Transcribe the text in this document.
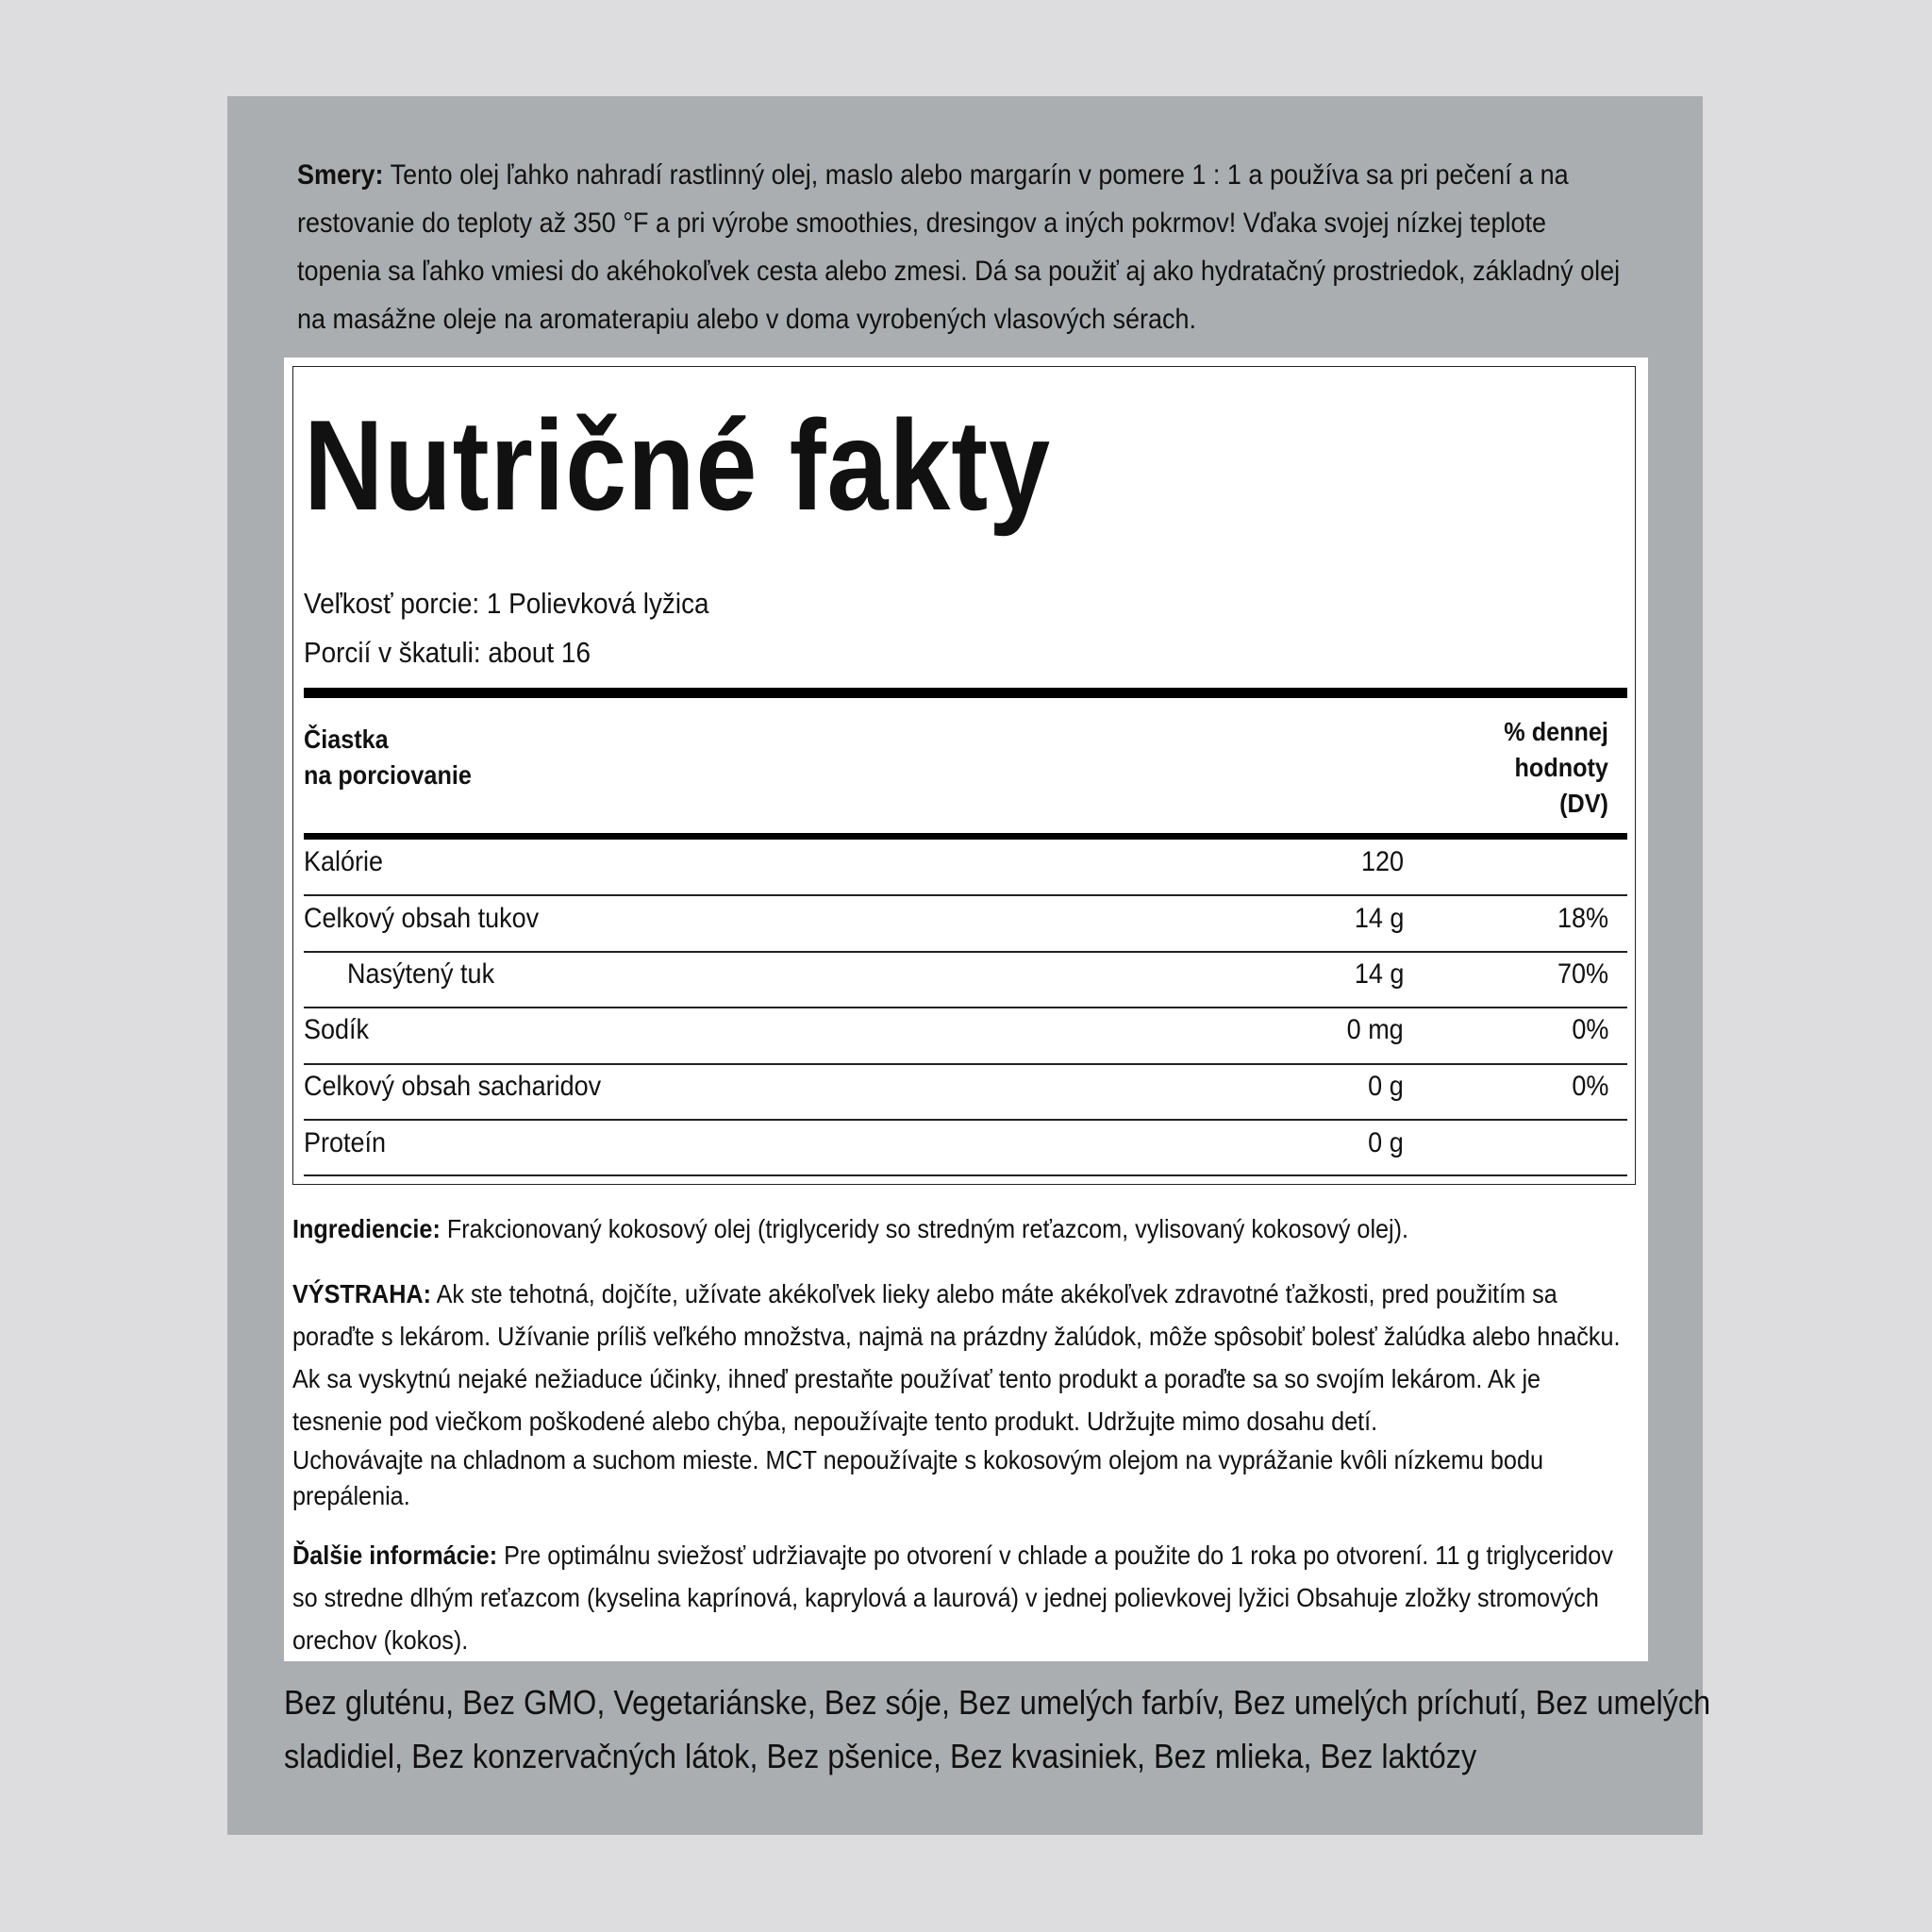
Smery: Tento olej ľahko nahradí rastlinný olej, maslo alebo margarín v pomere 1 : 1 a používa sa pri pečení a na restovanie do teploty až 350 °F a pri výrobe smoothies, dresingov a iných pokrmov! Vďaka svojej nízkej teplote topenia sa ľahko vmiesi do akéhokoľvek cesta alebo zmesi. Dá sa použiť aj ako hydratačný prostriedok, základný olej na masážne oleje na aromaterapiu alebo v doma vyrobených vlasových sérach.
Nutričné fakty
Veľkosť porcie: 1 Polievková lyžica
Porcií v škatuli: about 16
Čiastka
na porciovanie
% dennej
hodnoty
(DV)
Kalórie	120
Celkový obsah tukov	14 g	18%
Nasýtený tuk	14 g	70%
Sodík	0 mg	0%
Celkový obsah sacharidov	0 g	0%
Proteín	0 g
Ingrediencie: Frakcionovaný kokosový olej (triglyceridy so stredným reťazcom, vylisovaný kokosový olej).
VÝSTRAHA: Ak ste tehotná, dojčíte, užívate akékoľvek lieky alebo máte akékoľvek zdravotné ťažkosti, pred použitím sa poraďte s lekárom. Užívanie príliš veľkého množstva, najmä na prázdny žalúdok, môže spôsobiť bolesť žalúdka alebo hnačku. Ak sa vyskytnú nejaké nežiaduce účinky, ihneď prestaňte používať tento produkt a poraďte sa so svojím lekárom. Ak je tesnenie pod viečkom poškodené alebo chýba, nepoužívajte tento produkt. Udržujte mimo dosahu detí.
Uchovávajte na chladnom a suchom mieste. MCT nepoužívajte s kokosovým olejom na vyprážanie kvôli nízkemu bodu prepálenia.
Ďalšie informácie: Pre optimálnu sviežosť udržiavajte po otvorení v chlade a použite do 1 roka po otvorení. 11 g triglyceridov so stredne dlhým reťazcom (kyselina kaprínová, kaprylová a laurová) v jednej polievkovej lyžici Obsahuje zložky stromových orechov (kokos).
Bez gluténu, Bez GMO, Vegetariánske, Bez sóje, Bez umelých farbív, Bez umelých príchutí, Bez umelých sladidiel, Bez konzervačných látok, Bez pšenice, Bez kvasiniek, Bez mlieka, Bez laktózy
